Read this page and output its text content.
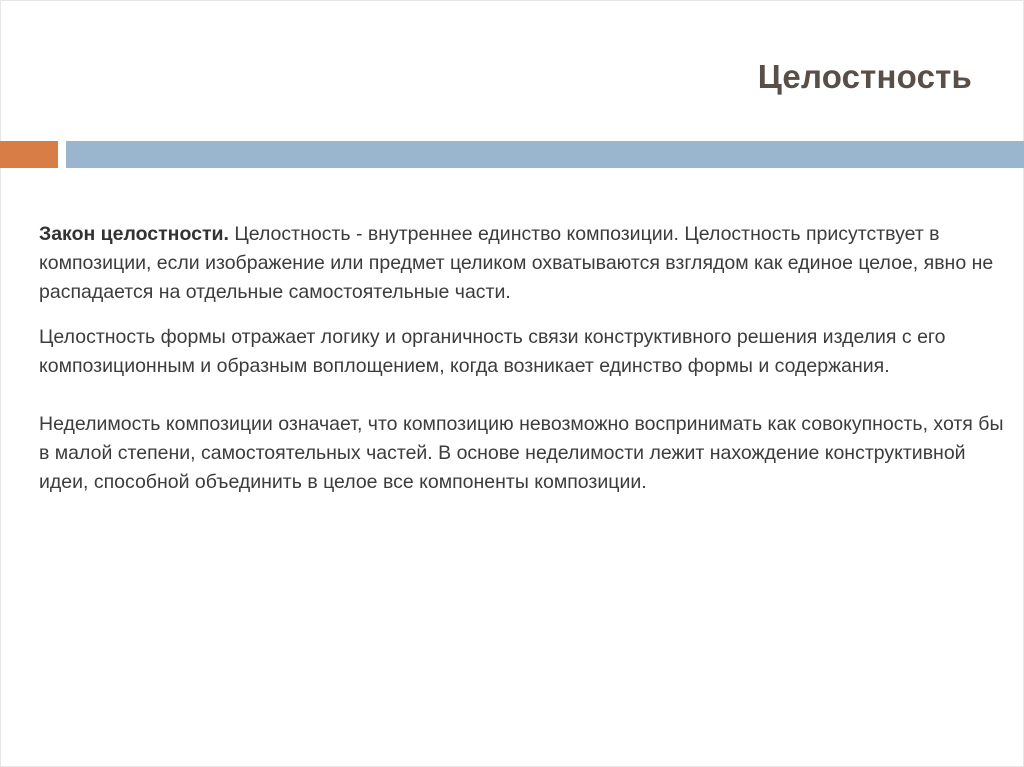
Целостность

Закон целостности. Целостность - внутреннее единство композиции. Целостность присутствует в композиции, если изображение или предмет целиком охватываются взглядом как единое целое, явно не распадается на отдельные самостоятельные части.

Целостность формы отражает логику и органичность связи конструктивного решения изделия с его композиционным и образным воплощением, когда возникает единство формы и содержания.

Неделимость композиции означает, что композицию невозможно воспринимать как совокупность, хотя бы в малой степени, самостоятельных частей. В основе неделимости лежит нахождение конструктивной идеи, способной объединить в целое все компоненты композиции.
